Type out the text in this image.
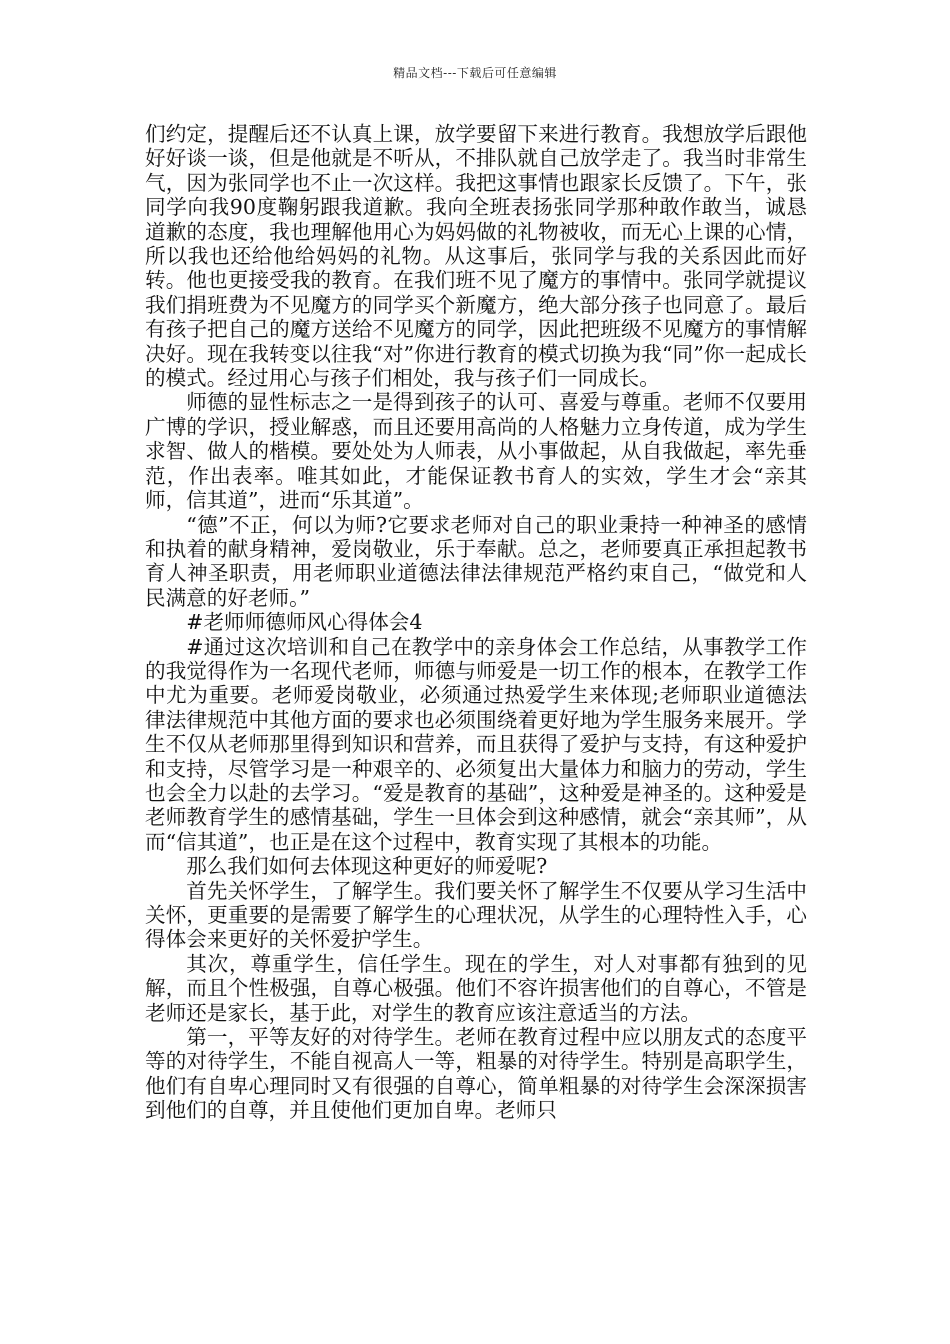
精品文档---下载后可任意编辑

们约定，提醒后还不认真上课，放学要留下来进行教育。我想放学后跟他好好谈一谈，但是他就是不听从，不排队就自己放学走了。我当时非常生气，因为张同学也不止一次这样。我把这事情也跟家长反馈了。下午，张同学向我90度鞠躬跟我道歉。我向全班表扬张同学那种敢作敢当，诚恳道歉的态度，我也理解他用心为妈妈做的礼物被收，而无心上课的心情，所以我也还给他给妈妈的礼物。从这事后，张同学与我的关系因此而好转。他也更接受我的教育。在我们班不见了魔方的事情中。张同学就提议我们捐班费为不见魔方的同学买个新魔方，绝大部分孩子也同意了。最后有孩子把自己的魔方送给不见魔方的同学，因此把班级不见魔方的事情解决好。现在我转变以往我“对”你进行教育的模式切换为我“同”你一起成长的模式。经过用心与孩子们相处，我与孩子们一同成长。

师德的显性标志之一是得到孩子的认可、喜爱与尊重。老师不仅要用广博的学识，授业解惑，而且还要用高尚的人格魅力立身传道，成为学生求智、做人的楷模。要处处为人师表，从小事做起，从自我做起，率先垂范，作出表率。唯其如此，才能保证教书育人的实效，学生才会“亲其师，信其道”，进而“乐其道”。

“德”不正，何以为师?它要求老师对自己的职业秉持一种神圣的感情和执着的献身精神，爱岗敬业，乐于奉献。总之，老师要真正承担起教书育人神圣职责，用老师职业道德法律法律规范严格约束自己，“做党和人民满意的好老师。”

#老师师德师风心得体会4

#通过这次培训和自己在教学中的亲身体会工作总结，从事教学工作的我觉得作为一名现代老师，师德与师爱是一切工作的根本，在教学工作中尤为重要。老师爱岗敬业，必须通过热爱学生来体现;老师职业道德法律法律规范中其他方面的要求也必须围绕着更好地为学生服务来展开。学生不仅从老师那里得到知识和营养，而且获得了爱护与支持，有这种爱护和支持，尽管学习是一种艰辛的、必须复出大量体力和脑力的劳动，学生也会全力以赴的去学习。“爱是教育的基础”，这种爱是神圣的。这种爱是老师教育学生的感情基础，学生一旦体会到这种感情，就会“亲其师”，从而“信其道”，也正是在这个过程中，教育实现了其根本的功能。

那么我们如何去体现这种更好的师爱呢?

首先关怀学生，了解学生。我们要关怀了解学生不仅要从学习生活中关怀，更重要的是需要了解学生的心理状况，从学生的心理特性入手，心得体会来更好的关怀爱护学生。

其次，尊重学生，信任学生。现在的学生，对人对事都有独到的见解，而且个性极强，自尊心极强。他们不容许损害他们的自尊心，不管是老师还是家长，基于此，对学生的教育应该注意适当的方法。

第一，平等友好的对待学生。老师在教育过程中应以朋友式的态度平等的对待学生，不能自视高人一等，粗暴的对待学生。特别是高职学生，他们有自卑心理同时又有很强的自尊心，简单粗暴的对待学生会深深损害到他们的自尊，并且使他们更加自卑。老师只
